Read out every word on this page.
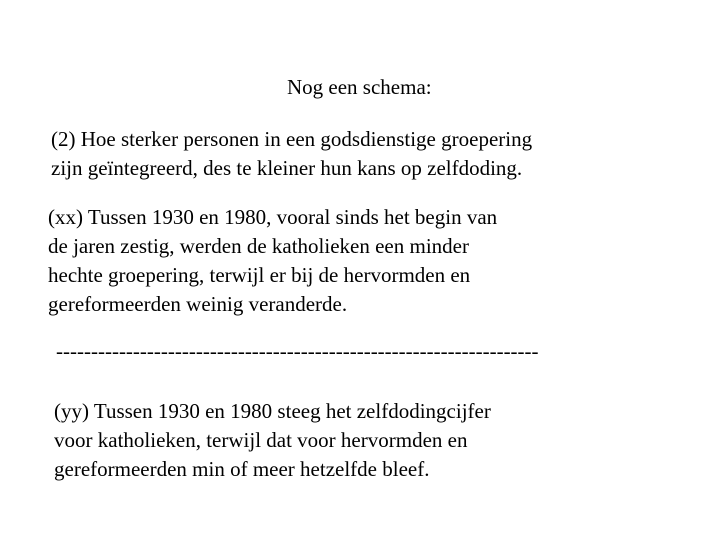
Nog een schema:
(2) Hoe sterker personen in een godsdienstige groepering
zijn geïntegreerd, des te kleiner hun kans op zelfdoding.
(xx) Tussen 1930 en 1980, vooral sinds het begin van
de jaren zestig, werden de katholieken een minder
hechte groepering, terwijl er bij de hervormden en
gereformeerden weinig veranderde.
---------------------------------------------------------------------
(yy) Tussen 1930 en 1980 steeg het zelfdodingcijfer
voor katholieken, terwijl dat voor hervormden en
gereformeerden min of meer hetzelfde bleef.
